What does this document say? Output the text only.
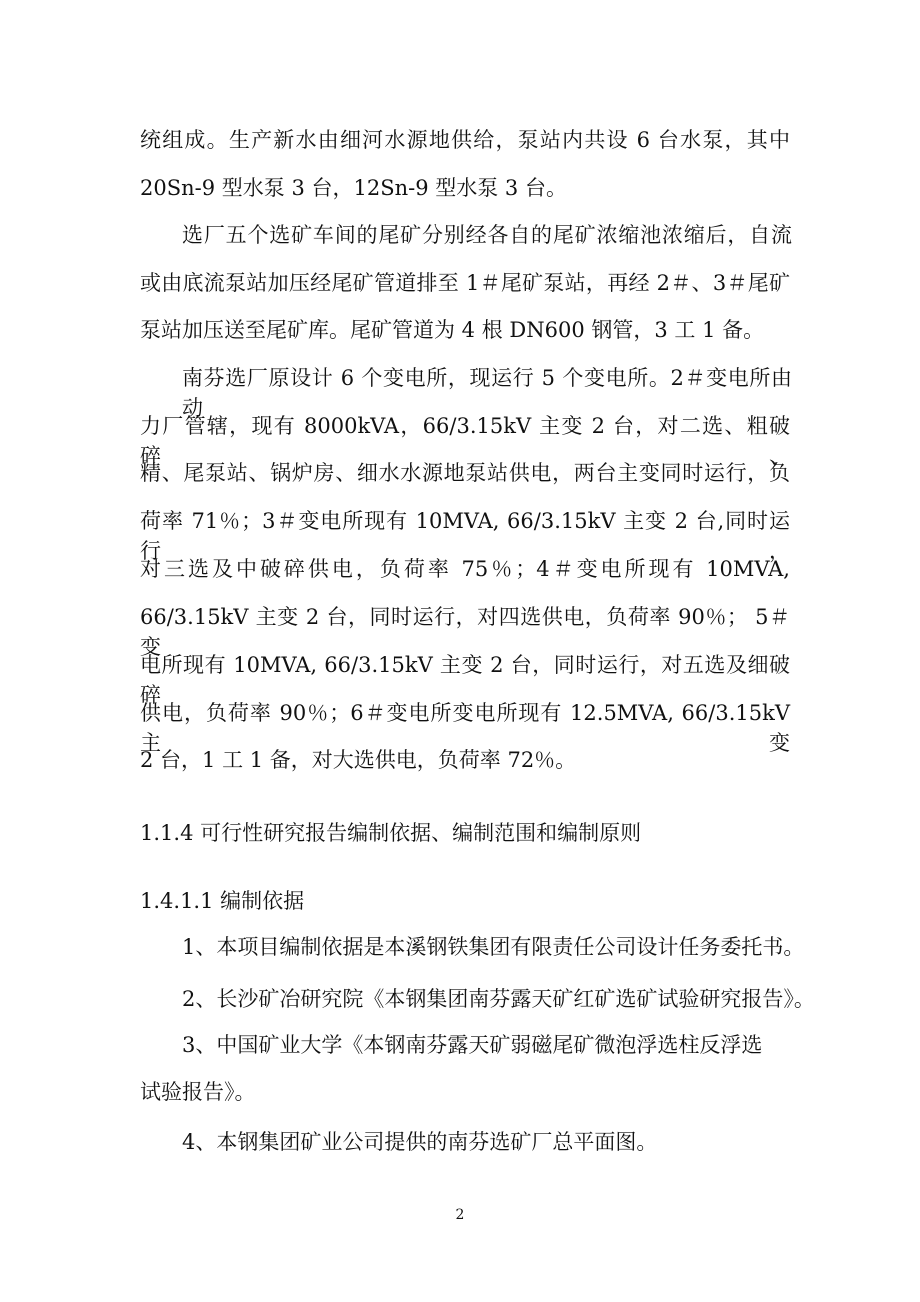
统组成。生产新水由细河水源地供给，泵站内共设 6 台水泵，其中
20Sn-9 型水泵 3 台，12Sn-9 型水泵 3 台。
选厂五个选矿车间的尾矿分别经各自的尾矿浓缩池浓缩后，自流
或由底流泵站加压经尾矿管道排至 1＃尾矿泵站，再经 2＃、3＃尾矿
泵站加压送至尾矿库。尾矿管道为 4 根 DN600 钢管，3 工 1 备。
南芬选厂原设计 6 个变电所，现运行 5 个变电所。2＃变电所由动
力厂管辖，现有 8000kVA，66/3.15kV 主变 2 台，对二选、粗破碎、
精、尾泵站、锅炉房、细水水源地泵站供电，两台主变同时运行，负
荷率 71％；3＃变电所现有 10MVA, 66/3.15kV 主变 2 台,同时运行，
对三选及中破碎供电，负荷率 75％；4＃变电所现有 10MVA,
66/3.15kV 主变 2 台，同时运行，对四选供电，负荷率 90％； 5＃变
电所现有 10MVA, 66/3.15kV 主变 2 台，同时运行，对五选及细破碎
供电，负荷率 90％；6＃变电所变电所现有 12.5MVA, 66/3.15kV 主变
2 台，1 工 1 备，对大选供电，负荷率 72％。
1.1.4 可行性研究报告编制依据、编制范围和编制原则
1.4.1.1 编制依据
1、本项目编制依据是本溪钢铁集团有限责任公司设计任务委托书。
2、长沙矿冶研究院《本钢集团南芬露天矿红矿选矿试验研究报告》。
3、中国矿业大学《本钢南芬露天矿弱磁尾矿微泡浮选柱反浮选
试验报告》。
4、本钢集团矿业公司提供的南芬选矿厂总平面图。
2
